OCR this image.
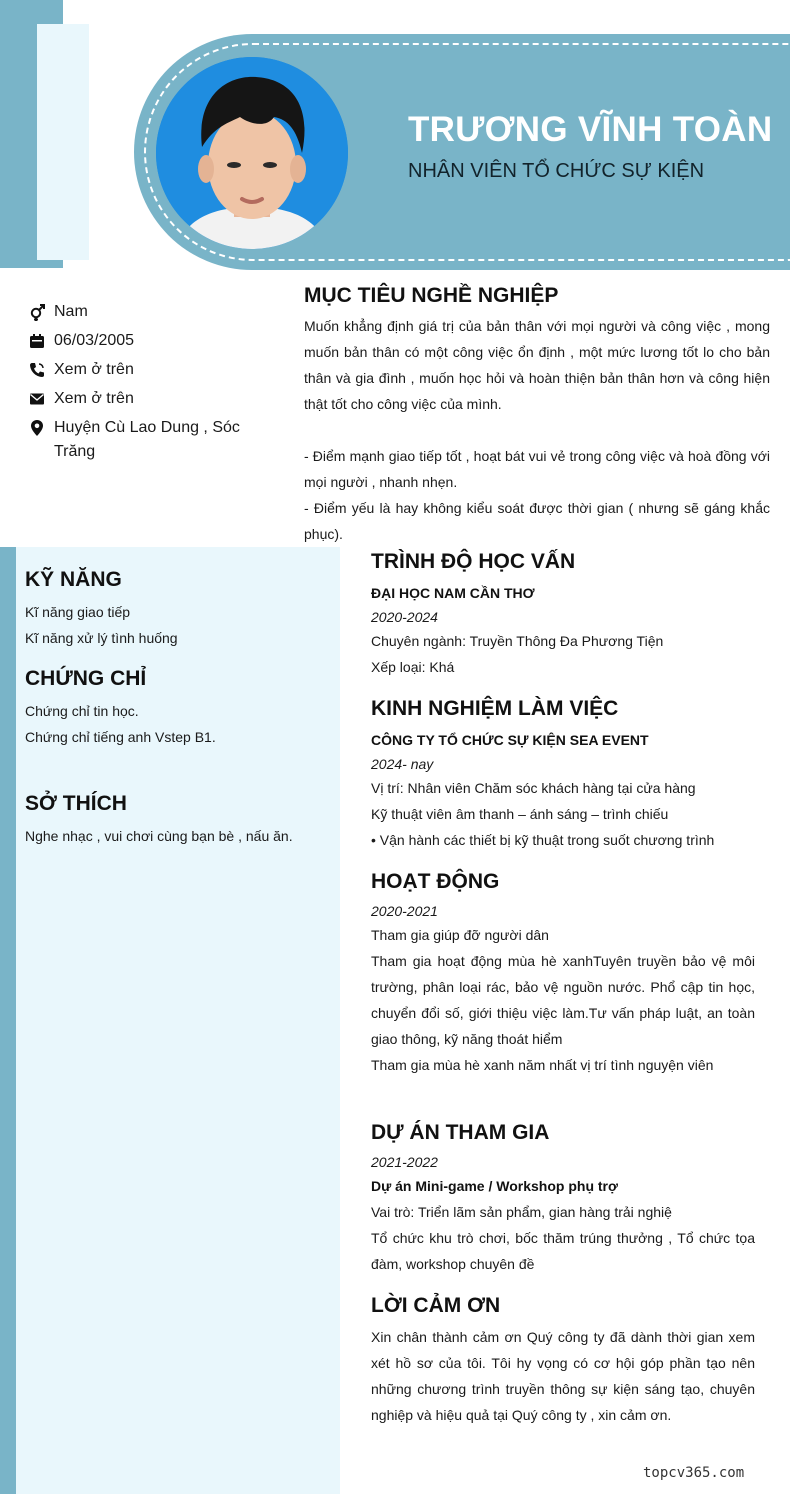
TRƯƠNG VĨNH TOÀN
NHÂN VIÊN TỔ CHỨC SỰ KIỆN
Nam
06/03/2005
Xem ở trên
Xem ở trên
Huyện Cù Lao Dung , Sóc Trăng
MỤC TIÊU NGHỀ NGHIỆP
Muốn khẳng định giá trị của bản thân với mọi người và công việc , mong muốn bản thân có một công việc ổn định , một mức lương tốt lo cho bản thân và gia đình , muốn học hỏi và hoàn thiện bản thân hơn và công hiện thật tốt cho công việc của mình.
- Điểm mạnh giao tiếp tốt , hoạt bát vui vẻ trong công việc và hoà đồng với mọi người , nhanh nhẹn.
- Điểm yếu là hay không kiểu soát được thời gian ( nhưng sẽ gáng khắc phục).
KỸ NĂNG
Kĩ năng giao tiếp
Kĩ năng xử lý tình huống
CHỨNG CHỈ
Chứng chỉ tin học.
Chứng chỉ tiếng anh Vstep B1.
SỞ THÍCH
Nghe nhạc , vui chơi cùng bạn bè , nấu ăn.
TRÌNH ĐỘ HỌC VẤN
ĐẠI HỌC NAM CẦN THƠ
2020-2024
Chuyên ngành: Truyền Thông Đa Phương Tiện
Xếp loại: Khá
KINH NGHIỆM LÀM VIỆC
CÔNG TY TỔ CHỨC SỰ KIỆN SEA EVENT
2024- nay
Vị trí: Nhân viên Chăm sóc khách hàng tại cửa hàng
Kỹ thuật viên âm thanh – ánh sáng – trình chiếu
• Vận hành các thiết bị kỹ thuật trong suốt chương trình
HOẠT ĐỘNG
2020-2021
Tham gia giúp đỡ người dân
Tham gia hoạt động mùa hè xanhTuyên truyền bảo vệ môi trường, phân loại rác, bảo vệ nguồn nước. Phổ cập tin học, chuyển đổi số, giới thiệu việc làm.Tư vấn pháp luật, an toàn giao thông, kỹ năng thoát hiểm
Tham gia mùa hè xanh năm nhất vị trí tình nguyện viên
DỰ ÁN THAM GIA
2021-2022
Dự án Mini-game / Workshop phụ trợ
Vai trò: Triển lãm sản phẩm, gian hàng trải nghiệ
Tổ chức khu trò chơi, bốc thăm trúng thưởng , Tổ chức tọa đàm, workshop chuyên đề
LỜI CẢM ƠN
Xin chân thành cảm ơn Quý công ty đã dành thời gian xem xét hồ sơ của tôi. Tôi hy vọng có cơ hội góp phần tạo nên những chương trình truyền thông sự kiện sáng tạo, chuyên nghiệp và hiệu quả tại Quý công ty , xin cảm ơn.
topcv365.com
